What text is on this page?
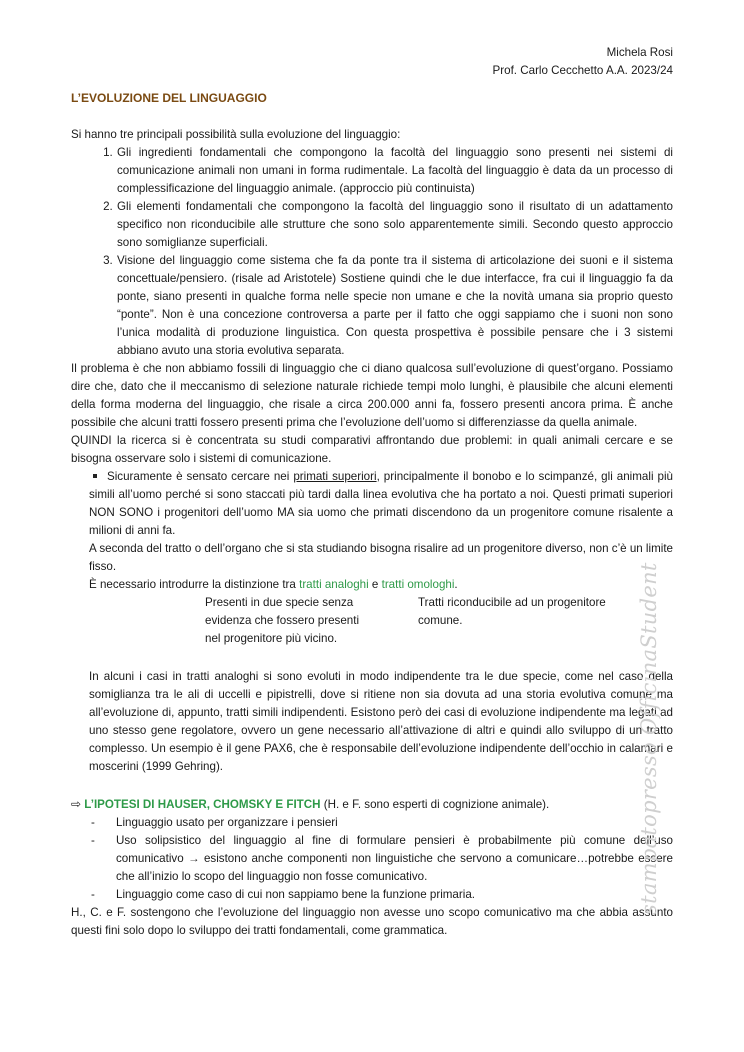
Michela Rosi
Prof. Carlo Cecchetto A.A. 2023/24
L’EVOLUZIONE DEL LINGUAGGIO

Si hanno tre principali possibilità sulla evoluzione del linguaggio:

1. Gli ingredienti fondamentali che compongono la facoltà del linguaggio sono presenti nei sistemi di comunicazione animali non umani in forma rudimentale. La facoltà del linguaggio è data da un processo di complessificazione del linguaggio animale. (approccio più continuista)
2. Gli elementi fondamentali che compongono la facoltà del linguaggio sono il risultato di un adattamento specifico non riconducibile alle strutture che sono solo apparentemente simili. Secondo questo approccio sono somiglianze superficiali.
3. Visione del linguaggio come sistema che fa da ponte tra il sistema di articolazione dei suoni e il sistema concettuale/pensiero. (risale ad Aristotele) Sostiene quindi che le due interfacce, fra cui il linguaggio fa da ponte, siano presenti in qualche forma nelle specie non umane e che la novità umana sia proprio questo “ponte”. Non è una concezione controversa a parte per il fatto che oggi sappiamo che i suoni non sono l’unica modalità di produzione linguistica. Con questa prospettiva è possibile pensare che i 3 sistemi abbiano avuto una storia evolutiva separata.

Il problema è che non abbiamo fossili di linguaggio che ci diano qualcosa sull’evoluzione di quest’organo. Possiamo dire che, dato che il meccanismo di selezione naturale richiede tempi molo lunghi, è plausibile che alcuni elementi della forma moderna del linguaggio, che risale a circa 200.000 anni fa, fossero presenti ancora prima. È anche possibile che alcuni tratti fossero presenti prima che l’evoluzione dell’uomo si differenziasse da quella animale.

QUINDI la ricerca si è concentrata su studi comparativi affrontando due problemi: in quali animali cercare e se bisogna osservare solo i sistemi di comunicazione.

Sicuramente è sensato cercare nei primati superiori, principalmente il bonobo e lo scimpanzé, gli animali più simili all’uomo perché si sono staccati più tardi dalla linea evolutiva che ha portato a noi. Questi primati superiori NON SONO i progenitori dell’uomo MA sia uomo che primati discendono da un progenitore comune risalente a milioni di anni fa.

A seconda del tratto o dell’organo che si sta studiando bisogna risalire ad un progenitore diverso, non c’è un limite fisso.

È necessario introdurre la distinzione tra tratti analoghi e tratti omologhi.

Presenti in due specie senza evidenza che fossero presenti nel progenitore più vicino.
Tratti riconducibile ad un progenitore comune.

In alcuni i casi in tratti analoghi si sono evoluti in modo indipendente tra le due specie, come nel caso della somiglianza tra le ali di uccelli e pipistrelli, dove si ritiene non sia dovuta ad una storia evolutiva comune ma all’evoluzione di, appunto, tratti simili indipendenti. Esistono però dei casi di evoluzione indipendente ma legati ad uno stesso gene regolatore, ovvero un gene necessario all’attivazione di altri e quindi allo sviluppo di un tratto complesso. Un esempio è il gene PAX6, che è responsabile dell’evoluzione indipendente dell’occhio in calamari e moscerini (1999 Gehring).

⇨ L’IPOTESI DI HAUSER, CHOMSKY E FITCH (H. e F. sono esperti di cognizione animale).

- Linguaggio usato per organizzare i pensieri
- Uso solipsistico del linguaggio al fine di formulare pensieri è probabilmente più comune dell’uso comunicativo → esistono anche componenti non linguistiche che servono a comunicare…potrebbe essere che all’inizio lo scopo del linguaggio non fosse comunicativo.
- Linguaggio come caso di cui non sappiamo bene la funzione primaria.

H., C. e F. sostengono che l’evoluzione del linguaggio non avesse uno scopo comunicativo ma che abbia assunto questi fini solo dopo lo sviluppo dei tratti fondamentali, come grammatica.

stampatopresso OfficinaStudent
